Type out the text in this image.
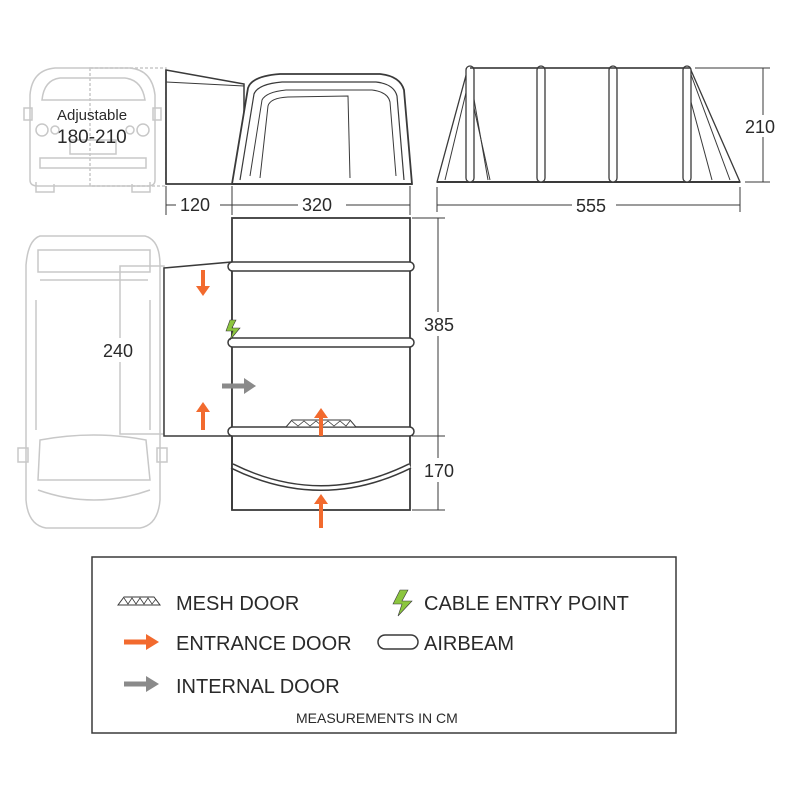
Adjustable
180-210
120	320
210
555
240
385
170
MESH DOOR
ENTRANCE DOOR
INTERNAL DOOR
CABLE ENTRY POINT
AIRBEAM
MEASUREMENTS IN CM
